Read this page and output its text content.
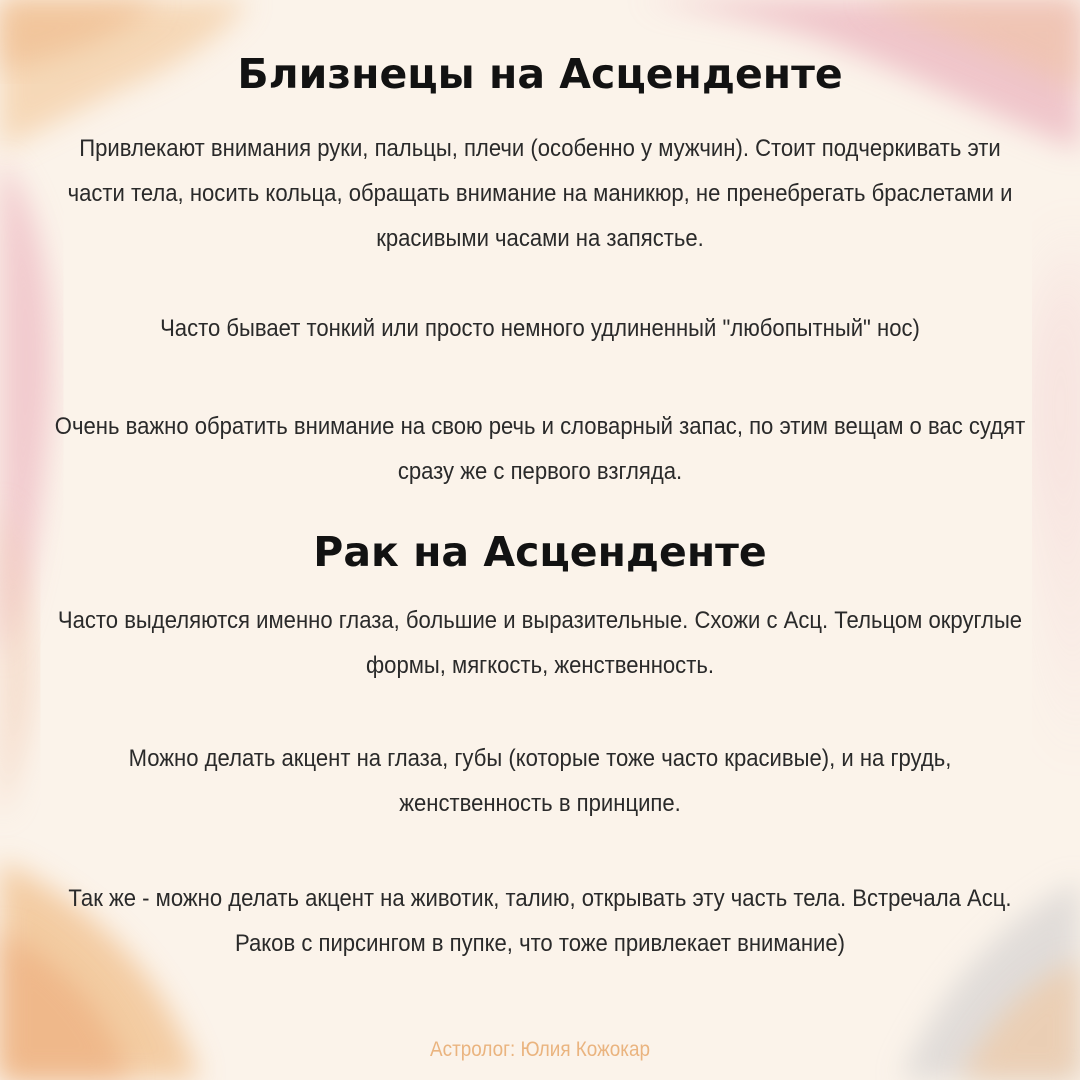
Близнецы на Асценденте

Привлекают внимания руки, пальцы, плечи (особенно у мужчин). Стоит подчеркивать эти части тела, носить кольца, обращать внимание на маникюр, не пренебрегать браслетами и красивыми часами на запястье.

Часто бывает тонкий или просто немного удлиненный "любопытный" нос)

Очень важно обратить внимание на свою речь и словарный запас, по этим вещам о вас судят сразу же с первого взгляда.

Рак на Асценденте

Часто выделяются именно глаза, большие и выразительные. Схожи с Асц. Тельцом округлые формы, мягкость, женственность.

Можно делать акцент на глаза, губы (которые тоже часто красивые), и на грудь, женственность в принципе.

Так же - можно делать акцент на животик, талию, открывать эту часть тела. Встречала Асц. Раков с пирсингом в пупке, что тоже привлекает внимание)

Астролог: Юлия Кожокар
